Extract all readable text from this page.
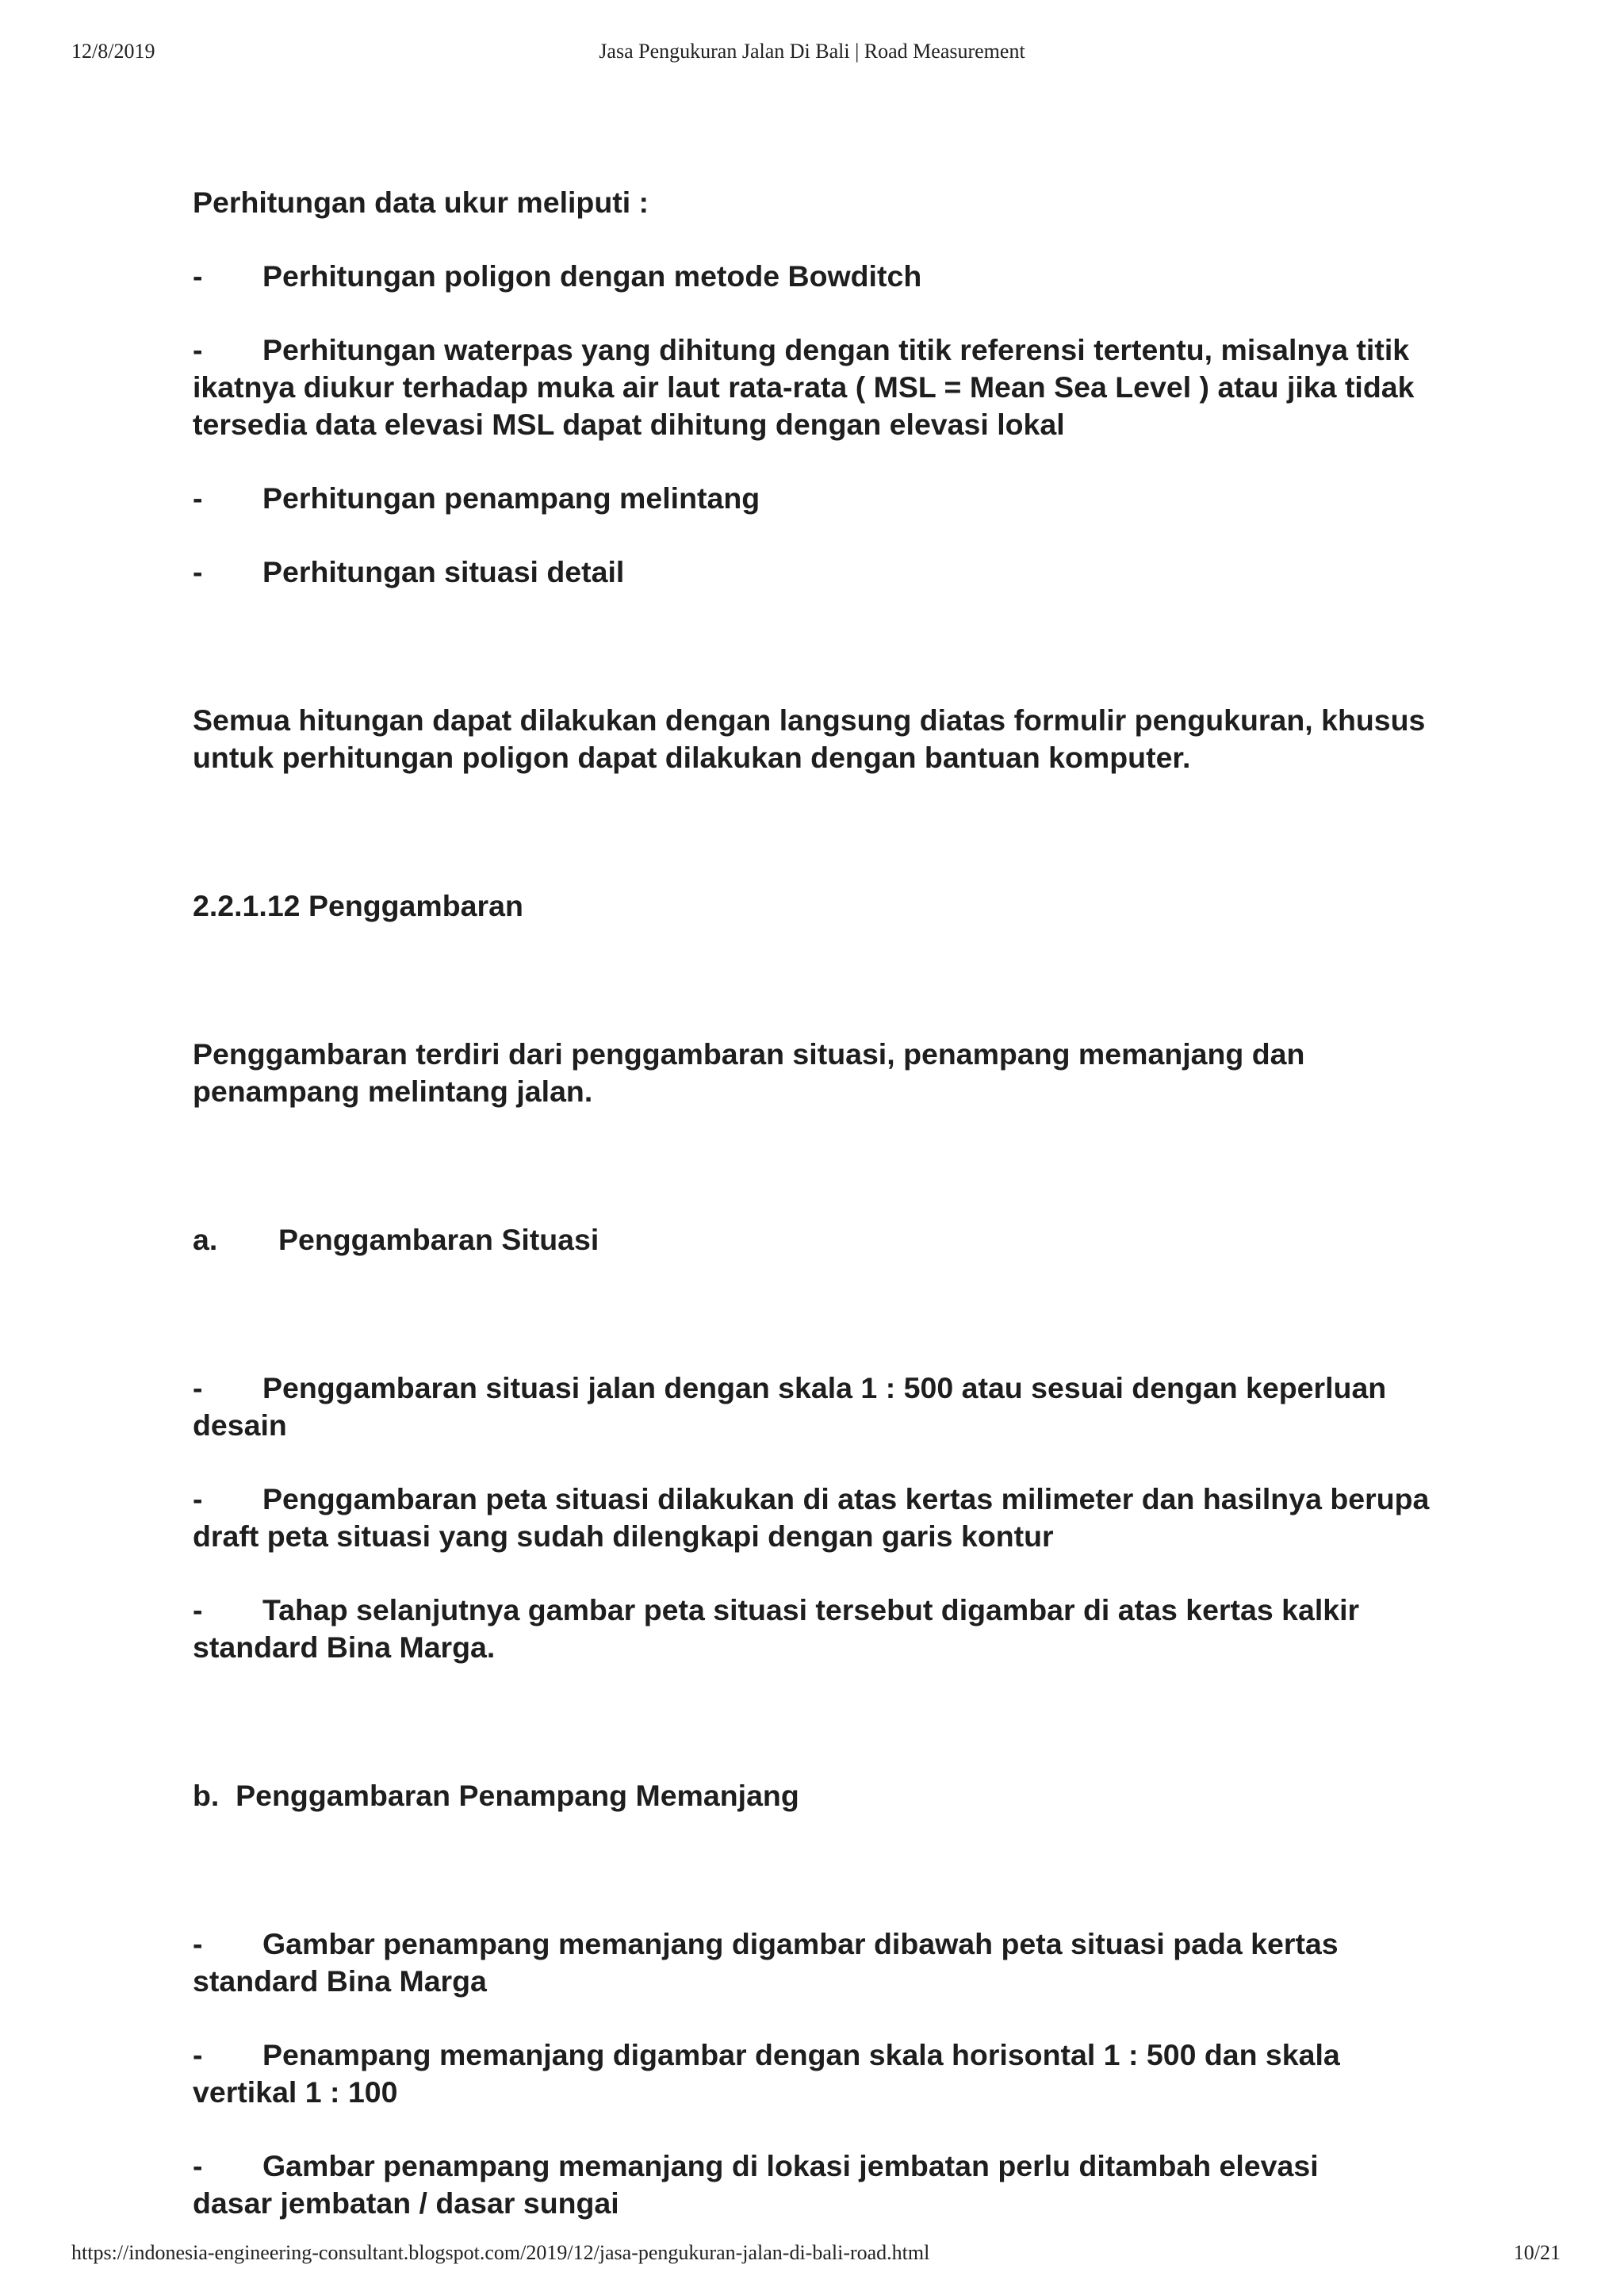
12/8/2019	Jasa Pengukuran Jalan Di Bali | Road Measurement

Perhitungan data ukur meliputi :

- Perhitungan poligon dengan metode Bowditch

- Perhitungan waterpas yang dihitung dengan titik referensi tertentu, misalnya titik ikatnya diukur terhadap muka air laut rata-rata ( MSL = Mean Sea Level ) atau jika tidak tersedia data elevasi MSL dapat dihitung dengan elevasi lokal

- Perhitungan penampang melintang

- Perhitungan situasi detail

Semua hitungan dapat dilakukan dengan langsung diatas formulir pengukuran, khusus untuk perhitungan poligon dapat dilakukan dengan bantuan komputer.

2.2.1.12 Penggambaran

Penggambaran terdiri dari penggambaran situasi, penampang memanjang dan penampang melintang jalan.

a. Penggambaran Situasi

- Penggambaran situasi jalan dengan skala 1 : 500 atau sesuai dengan keperluan desain

- Penggambaran peta situasi dilakukan di atas kertas milimeter dan hasilnya berupa draft peta situasi yang sudah dilengkapi dengan garis kontur

- Tahap selanjutnya gambar peta situasi tersebut digambar di atas kertas kalkir standard Bina Marga.

b.  Penggambaran Penampang Memanjang

- Gambar penampang memanjang digambar dibawah peta situasi pada kertas standard Bina Marga

- Penampang memanjang digambar dengan skala horisontal 1 : 500 dan skala vertikal 1 : 100

- Gambar penampang memanjang di lokasi jembatan perlu ditambah elevasi dasar jembatan / dasar sungai

https://indonesia-engineering-consultant.blogspot.com/2019/12/jasa-pengukuran-jalan-di-bali-road.html	10/21
